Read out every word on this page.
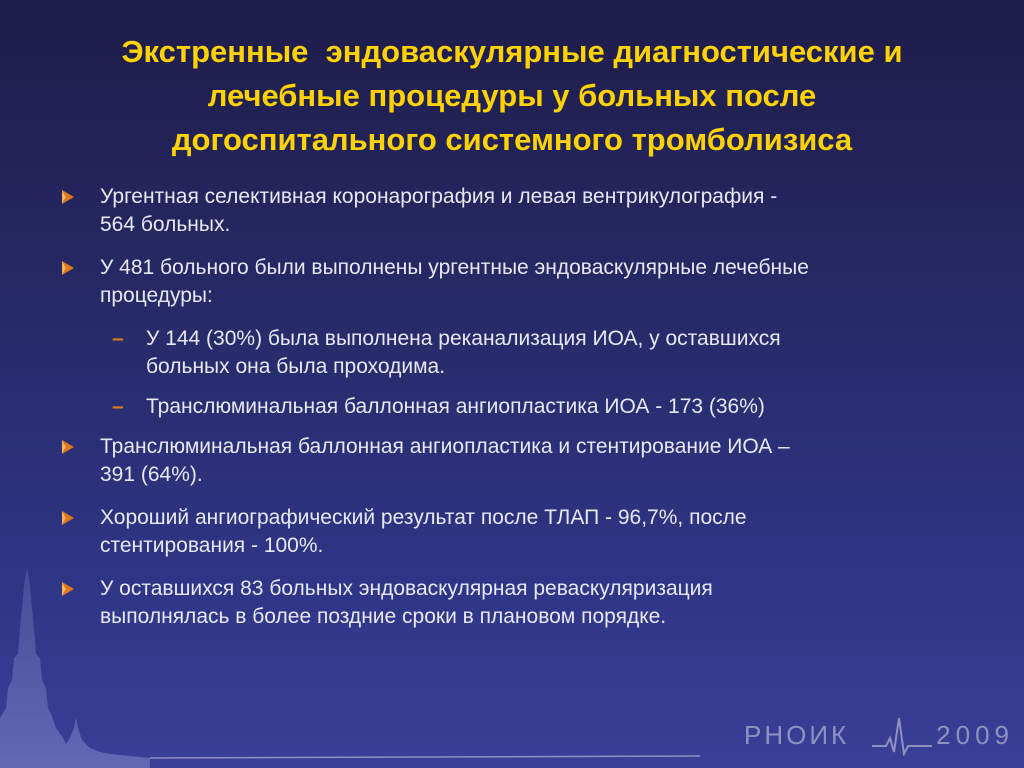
Экстренные  эндоваскулярные диагностические и
лечебные процедуры у больных после
догоспитального системного тромболизиса
Ургентная селективная коронарография и левая вентрикулография -
564 больных.
У 481 больного были выполнены ургентные эндоваскулярные лечебные
процедуры:
– У 144 (30%) была выполнена реканализация ИОА, у оставшихся
больных она была проходима.
– Транслюминальная баллонная ангиопластика ИОА - 173 (36%)
Транслюминальная баллонная ангиопластика и стентирование ИОА –
391 (64%).
Хороший ангиографический результат после ТЛАП - 96,7%, после
стентирования - 100%.
У оставшихся 83 больных эндоваскулярная реваскуляризация
выполнялась в более поздние сроки в плановом порядке.
РНОИК	2009
